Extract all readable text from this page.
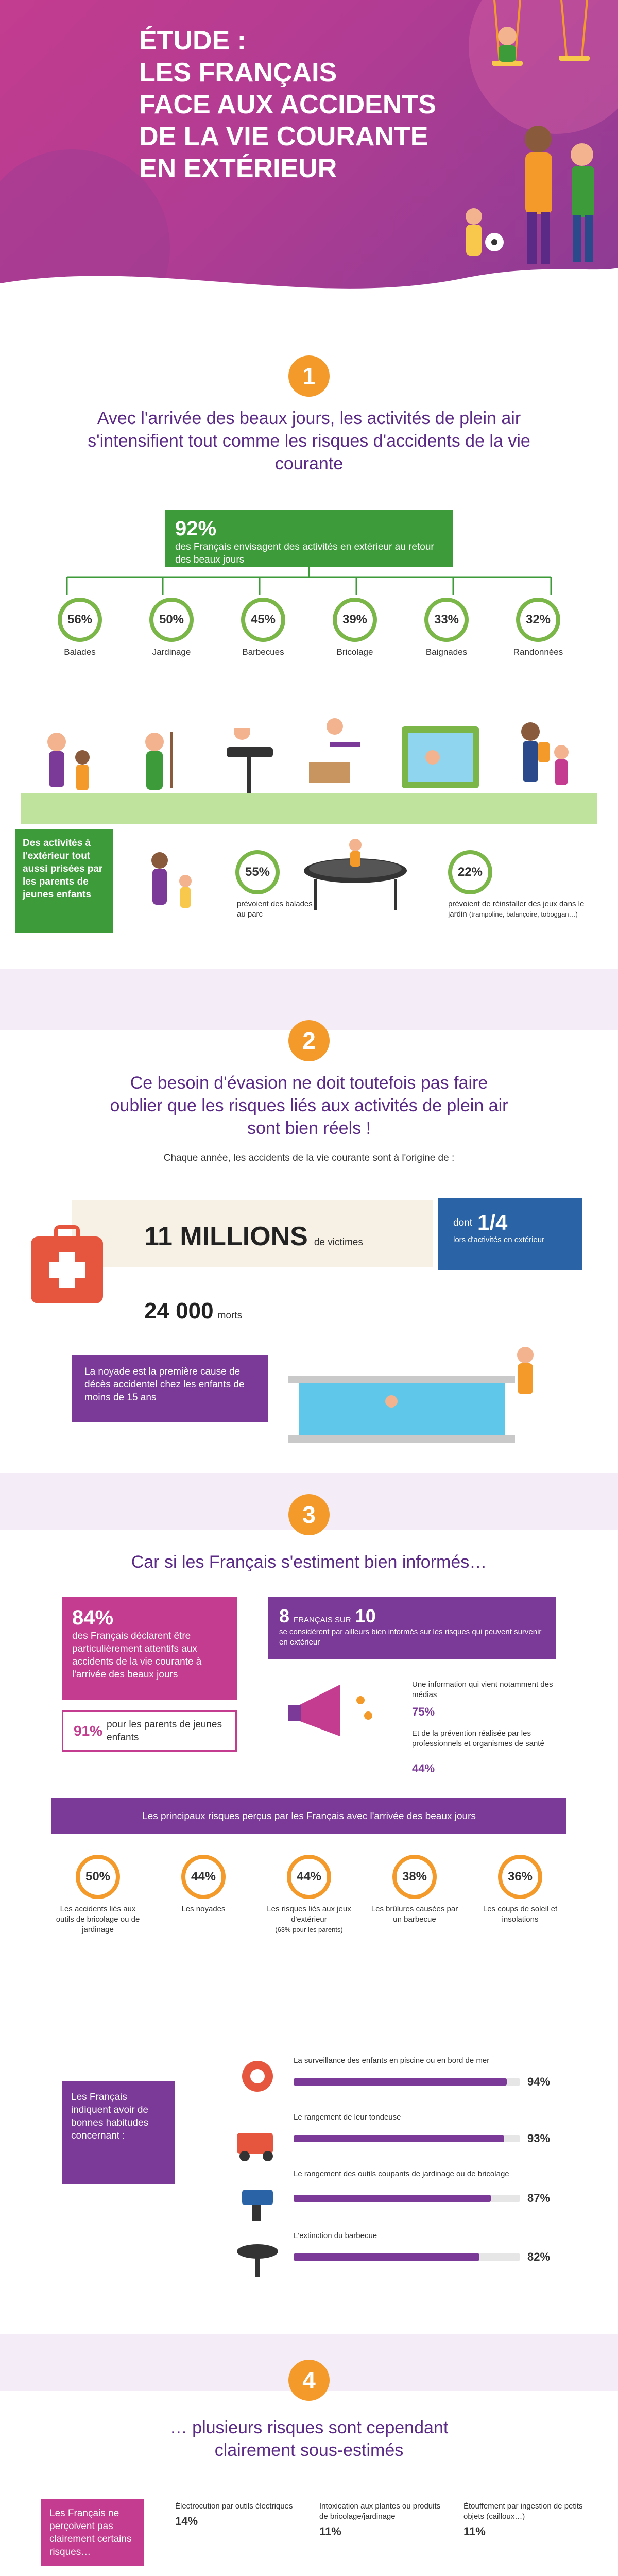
ÉTUDE :
LES FRANÇAIS
FACE AUX ACCIDENTS
DE LA VIE COURANTE
EN EXTÉRIEUR
1
Avec l'arrivée des beaux jours, les activités de plein air s'intensifient tout comme les risques d'accidents de la vie courante
92%
des Français envisagent des activités en extérieur au retour des beaux jours
56%
Balades
50%
Jardinage
45%
Barbecues
39%
Bricolage
33%
Baignades
32%
Randonnées
Des activités à l'extérieur tout aussi prisées par les parents de jeunes enfants
55%
prévoient des balades au parc
22%
prévoient de réinstaller des jeux dans le jardin (trampoline, balançoire, toboggan…)
2
Ce besoin d'évasion ne doit toutefois pas faire oublier que les risques liés aux activités de plein air sont bien réels !
Chaque année, les accidents de la vie courante sont à l'origine de :
11 MILLIONS de victimes
dont 1/4
lors d'activités en extérieur
24 000 morts
La noyade est la première cause de décès accidentel chez les enfants de moins de 15 ans
3
Car si les Français s'estiment bien informés…
84%
des Français déclarent être particulièrement attentifs aux accidents de la vie courante à l'arrivée des beaux jours
91% pour les parents de jeunes enfants
8 FRANÇAIS SUR 10
se considèrent par ailleurs bien informés sur les risques qui peuvent survenir en extérieur
Une information qui vient notamment des médias
75%
Et de la prévention réalisée par les professionnels et organismes de santé
44%
Les principaux risques perçus par les Français avec l'arrivée des beaux jours
50%
Les accidents liés aux outils de bricolage ou de jardinage
44%
Les noyades
44%
Les risques liés aux jeux d'extérieur
(63% pour les parents)
38%
Les brûlures causées par un barbecue
36%
Les coups de soleil et insolations
Les Français indiquent avoir de bonnes habitudes concernant :
La surveillance des enfants en piscine ou en bord de mer
94%
Le rangement de leur tondeuse
93%
Le rangement des outils coupants de jardinage ou de bricolage
87%
L'extinction du barbecue
82%
4
… plusieurs risques sont cependant clairement sous-estimés
Les Français ne perçoivent pas clairement certains risques…
Électrocution par outils électriques
14%
Intoxication aux plantes ou produits de bricolage/jardinage
11%
Étouffement par ingestion de petits objets (cailloux…)
11%
